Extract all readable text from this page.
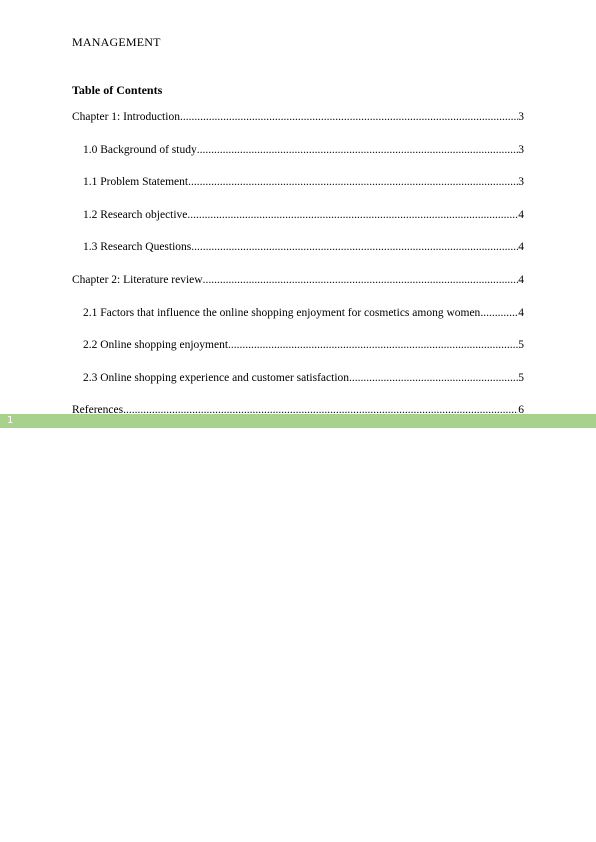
MANAGEMENT
Table of Contents
Chapter 1: Introduction .....	3
1.0 Background of study .....	3
1.1 Problem Statement .....	3
1.2 Research objective .....	4
1.3 Research Questions .....	4
Chapter 2: Literature review .....	4
2.1 Factors that influence the online shopping enjoyment for cosmetics among women .....	4
2.2 Online shopping enjoyment .....	5
2.3 Online shopping experience and customer satisfaction .....	5
1
References .....	6
